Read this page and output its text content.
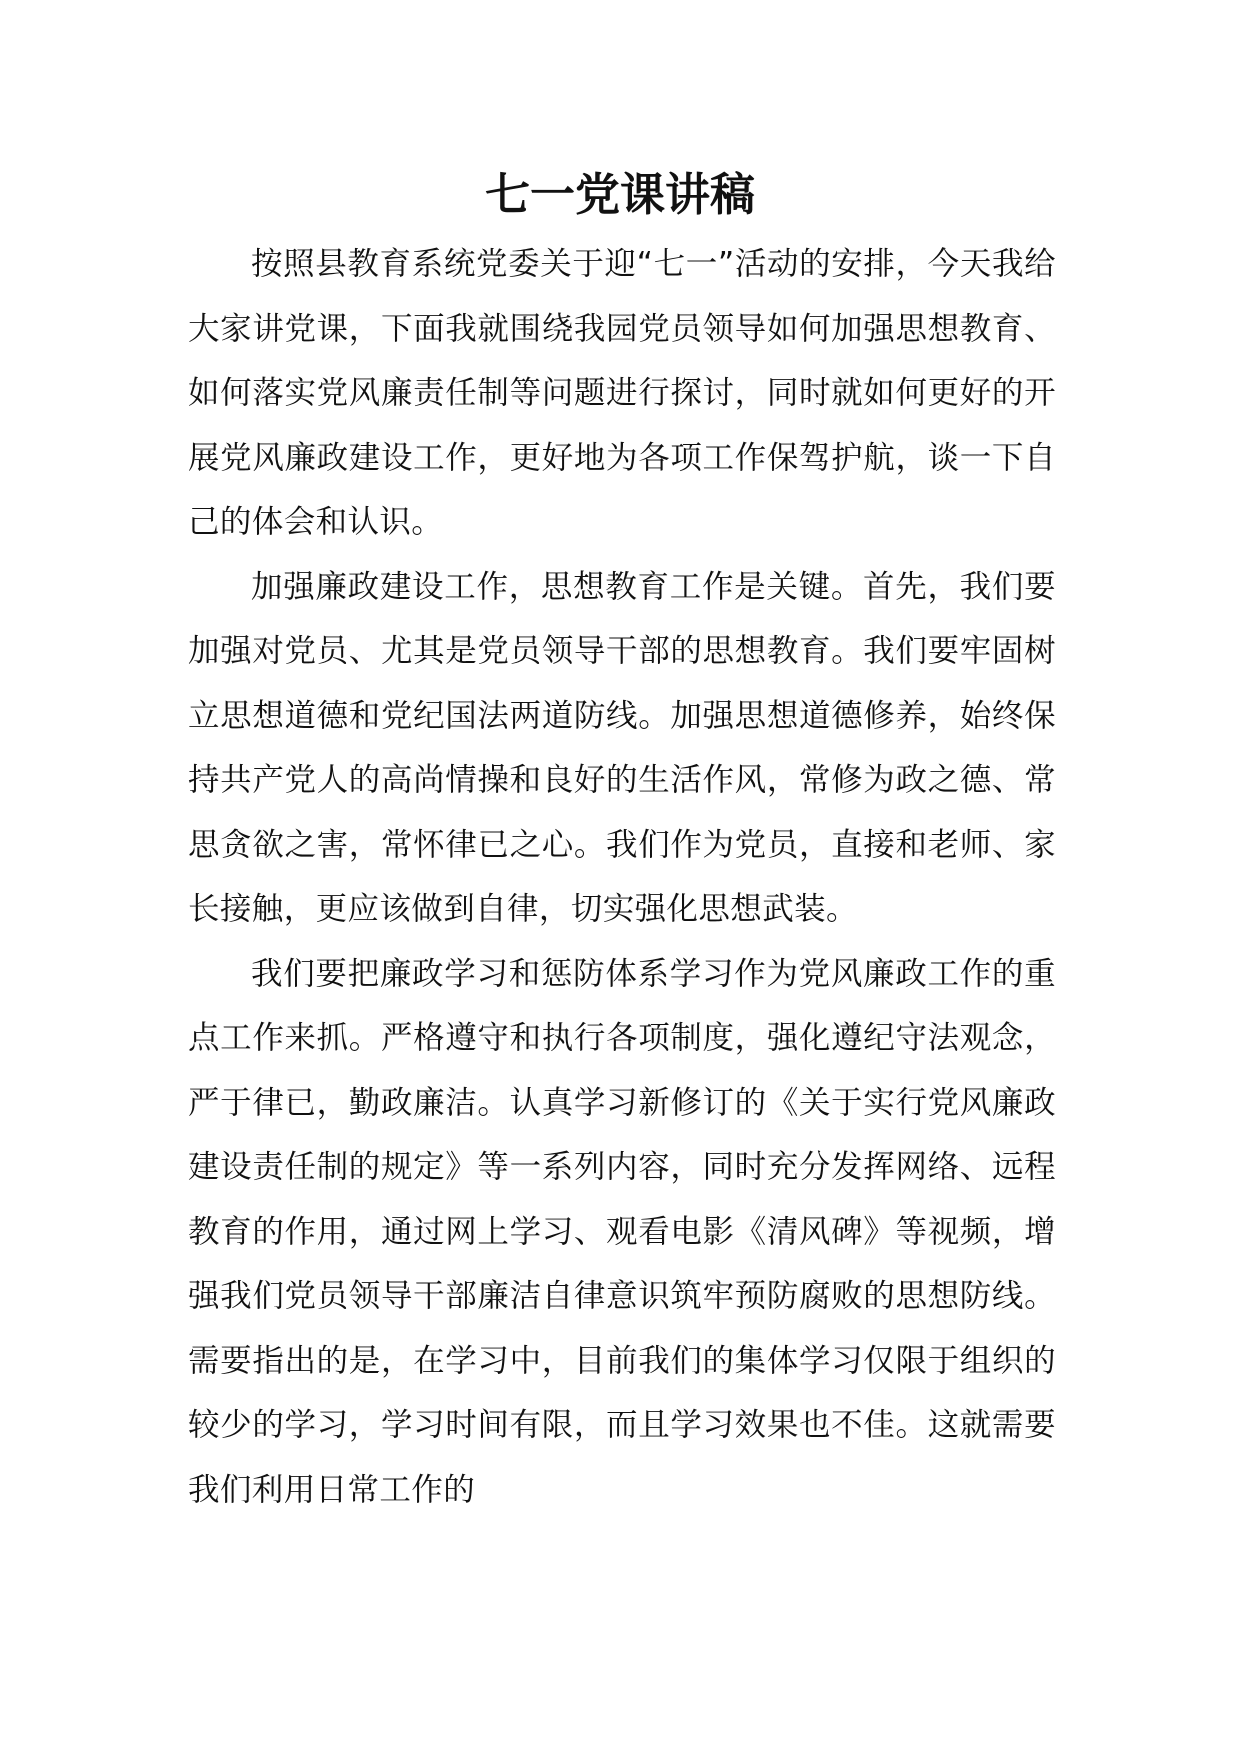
七一党课讲稿

按照县教育系统党委关于迎“七一”活动的安排，今天我给大家讲党课，下面我就围绕我园党员领导如何加强思想教育、如何落实党风廉责任制等问题进行探讨，同时就如何更好的开展党风廉政建设工作，更好地为各项工作保驾护航，谈一下自己的体会和认识。

加强廉政建设工作，思想教育工作是关键。首先，我们要加强对党员、尤其是党员领导干部的思想教育。我们要牢固树立思想道德和党纪国法两道防线。加强思想道德修养，始终保持共产党人的高尚情操和良好的生活作风，常修为政之德、常思贪欲之害，常怀律已之心。我们作为党员，直接和老师、家长接触，更应该做到自律，切实强化思想武装。

我们要把廉政学习和惩防体系学习作为党风廉政工作的重点工作来抓。严格遵守和执行各项制度，强化遵纪守法观念，严于律已，勤政廉洁。认真学习新修订的《关于实行党风廉政建设责任制的规定》等一系列内容，同时充分发挥网络、远程教育的作用，通过网上学习、观看电影《清风碑》等视频，增强我们党员领导干部廉洁自律意识筑牢预防腐败的思想防线。需要指出的是，在学习中，目前我们的集体学习仅限于组织的较少的学习，学习时间有限，而且学习效果也不佳。这就需要我们利用日常工作的
